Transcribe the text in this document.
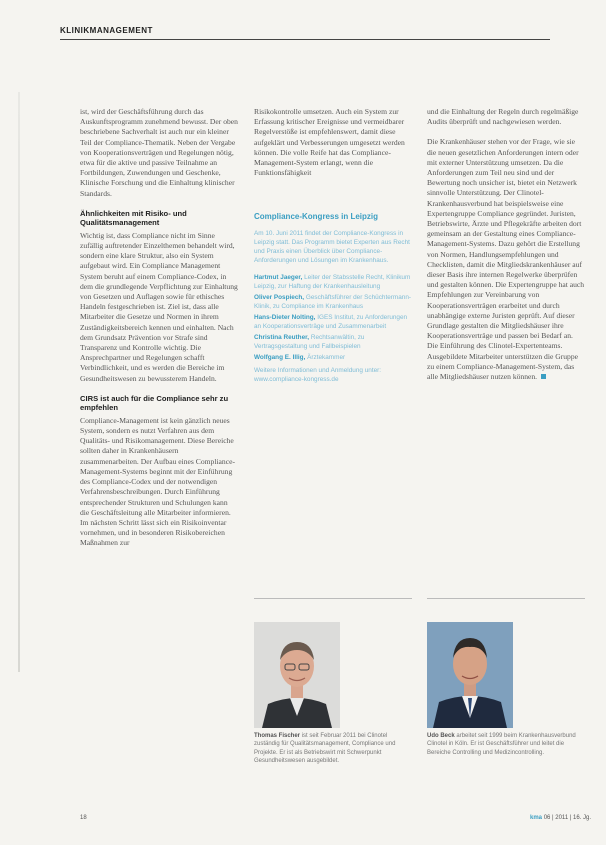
KLINIKMANAGEMENT

ist, wird der Geschäftsführung durch das Auskunftsprogramm zunehmend bewusst. Der oben beschriebene Sachverhalt ist auch nur ein kleiner Teil der Compliance-Thematik. Neben der Vergabe von Kooperationsverträgen und Regelungen nötig, etwa für die aktive und passive Teilnahme an Fortbildungen, Zuwendungen und Geschenke, Klinische Forschung und die Einhaltung klinischer Standards.

Ähnlichkeiten mit Risiko- und Qualitätsmanagement

Wichtig ist, dass Compliance nicht im Sinne zufällig auftretender Einzelthemen behandelt wird, sondern eine klare Struktur, also ein System aufgebaut wird. Ein Compliance Management System beruht auf einem Compliance-Codex, in dem die grundlegende Verpflichtung zur Einhaltung von Gesetzen und Auflagen sowie für ethisches Handeln festgeschrieben ist. Ziel ist, dass alle Mitarbeiter die Gesetze und Normen in ihrem Zuständigkeitsbereich kennen und einhalten. Nach dem Grundsatz Prävention vor Strafe sind Transparenz und Kontrolle wichtig. Die Ansprechpartner und Regelungen schafft Verbindlichkeit, und es werden die Bereiche im Gesundheitswesen zu bewussterem Handeln.

CIRS ist auch für die Compliance sehr zu empfehlen

Compliance-Management ist kein gänzlich neues System, sondern es nutzt Verfahren aus dem Qualitäts- und Risikomanagement. Diese Bereiche sollten daher in Krankenhäusern zusammenarbeiten. Der Aufbau eines Compliance-Management-Systems beginnt mit der Einführung des Compliance-Codex und der notwendigen Verfahrensbeschreibungen. Durch Einführung entsprechender Strukturen und Schulungen kann die Geschäftsleitung alle Mitarbeiter informieren. Im nächsten Schritt lässt sich ein Risikoinventar vornehmen, und in besonderen Risikobereichen Maßnahmen zur

Risikokontrolle umsetzen. Auch ein System zur Erfassung kritischer Ereignisse und vermeidbarer Regelverstöße ist empfehlenswert, damit diese aufgeklärt und Verbesserungen umgesetzt werden können. Die volle Reife hat das Compliance-Management-System erlangt, wenn die Funktionsfähigkeit

Compliance-Kongress in Leipzig
Am 10. Juni 2011 findet der Compliance-Kongress in Leipzig statt. Das Programm bietet Experten aus Recht und Praxis einen Überblick über Compliance-Anforderungen und Lösungen im Krankenhaus.
Hartmut Jaeger, Leiter der Stabsstelle Recht, Klinikum Leipzig, zur Haftung der Krankenhausleitung
Oliver Pospiech, Geschäftsführer der Schüchtermann-Klinik, zu Compliance im Krankenhaus
Hans-Dieter Nolting, IGES Institut, zu Anforderungen an Kooperationsverträge und Zusammenarbeit
Christina Reuther, Rechtsanwältin, zu Vertragsgestaltung und Fallbeispielen
Wolfgang E. Illig, Ärztekammer
Weitere Informationen und Anmeldung unter: www.compliance-kongress.de

und die Einhaltung der Regeln durch regelmäßige Audits überprüft und nachgewiesen werden.

Die Krankenhäuser stehen vor der Frage, wie sie die neuen gesetzlichen Anforderungen intern oder mit externer Unterstützung umsetzen. Da die Anforderungen zum Teil neu sind und der Bewertung noch unsicher ist, bietet ein Netzwerk sinnvolle Unterstützung. Der Clinotel-Krankenhausverbund hat beispielsweise eine Expertengruppe Compliance gegründet. Juristen, Betriebswirte, Ärzte und Pflegekräfte arbeiten dort gemeinsam an der Gestaltung eines Compliance-Management-Systems. Dazu gehört die Erstellung von Normen, Handlungsempfehlungen und Checklisten, damit die Mitgliedskrankenhäuser auf dieser Basis ihre internen Regelwerke überprüfen und gestalten können. Die Expertengruppe hat auch Empfehlungen zur Vereinbarung von Kooperationsverträgen erarbeitet und durch unabhängige externe Juristen geprüft. Auf dieser Grundlage gestalten die Mitgliedshäuser ihre Kooperationsverträge und passen bei Bedarf an. Die Einführung des Clinotel-Expertenteams. Ausgebildete Mitarbeiter unterstützen die Gruppe zu einem Compliance-Management-System, das alle Mitgliedshäuser nutzen können.

Thomas Fischer ist seit Februar 2011 bei Clinotel zuständig für Qualitätsmanagement, Compliance und Projekte. Er ist als Betriebswirt mit Schwerpunkt Gesundheitswesen ausgebildet.
Udo Beck arbeitet seit 1999 beim Krankenhausverbund Clinotel in Köln. Er ist Geschäftsführer und leitet die Bereiche Controlling und Medizincontrolling.
18	kma 06 | 2011 | 16. Jg.
